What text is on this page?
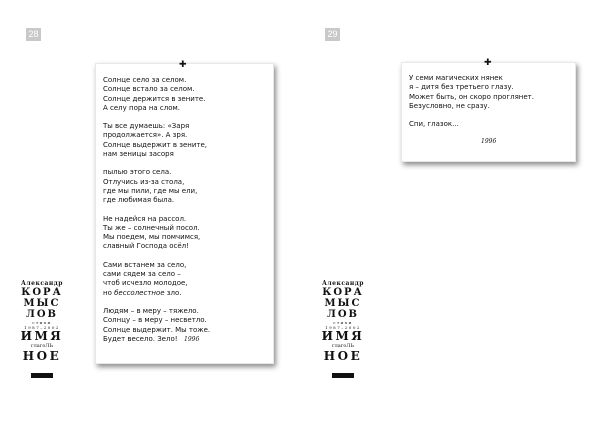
28
Александр
КОРА
МЫС
ЛОВ
стихи
1987–2002
ИМЯ
глагоЛЬ
НОЕ
✚
Солнце село за селом.
Солнце встало за селом.
Солнце держится в зените.
А селу пора на слом.
Ты все думаешь: «Заря
продолжается». А зря.
Солнце выдержит в зените,
нам зеницы засоря
пылью этого села.
Отлучись из-за стола,
где мы пили, где мы ели,
где любимая была.
Не надейся на рассол.
Ты же – солнечный посол.
Мы поедем, мы помчимся,
славный Господа осёл!
Сами встанем за село,
сами сядем за село –
чтоб исчезло молодое,
но бессолестное зло.
Людям – в меру – тяжело.
Солнцу – в меру – несветло.
Солнце выдержит. Мы тоже.
Будет весело. Зело!	1996
29
Александр
КОРА
МЫС
ЛОВ
стихи
1987–2002
ИМЯ
глагоЛЬ
НОЕ
✚
У семи магических нянек
я – дитя без третьего глазу.
Может быть, он скоро проглянет.
Безусловно, не сразу.
Спи, глазок...
1996
